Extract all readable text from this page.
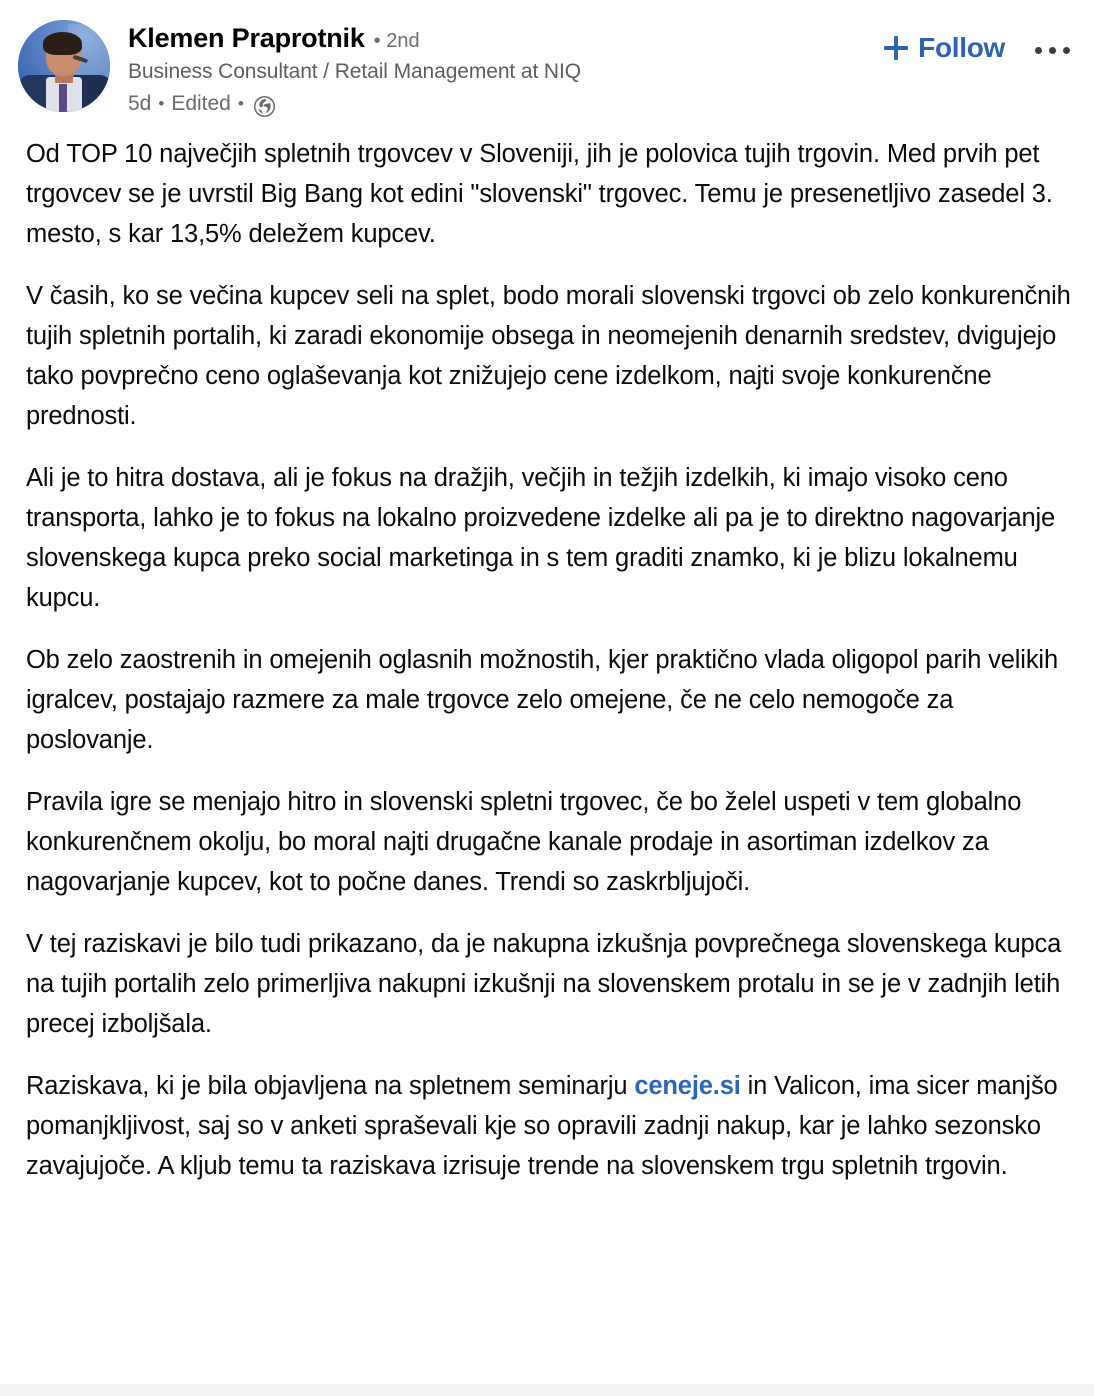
Klemen Praprotnik • 2nd
Business Consultant / Retail Management at NIQ
5d • Edited •
Follow

Od TOP 10 največjih spletnih trgovcev v Sloveniji, jih je polovica tujih trgovin. Med prvih pet trgovcev se je uvrstil Big Bang kot edini "slovenski" trgovec. Temu je presenetljivo zasedel 3. mesto, s kar 13,5% deležem kupcev.

V časih, ko se večina kupcev seli na splet, bodo morali slovenski trgovci ob zelo konkurenčnih tujih spletnih portalih, ki zaradi ekonomije obsega in neomejenih denarnih sredstev, dvigujejo tako povprečno ceno oglaševanja kot znižujejo cene izdelkom, najti svoje konkurenčne prednosti.

Ali je to hitra dostava, ali je fokus na dražjih, večjih in težjih izdelkih, ki imajo visoko ceno transporta, lahko je to fokus na lokalno proizvedene izdelke ali pa je to direktno nagovarjanje slovenskega kupca preko social marketinga in s tem graditi znamko, ki je blizu lokalnemu kupcu.

Ob zelo zaostrenih in omejenih oglasnih možnostih, kjer praktično vlada oligopol parih velikih igralcev, postajajo razmere za male trgovce zelo omejene, če ne celo nemogoče za poslovanje.

Pravila igre se menjajo hitro in slovenski spletni trgovec, če bo želel uspeti v tem globalno konkurenčnem okolju, bo moral najti drugačne kanale prodaje in asortiman izdelkov za nagovarjanje kupcev, kot to počne danes. Trendi so zaskrbljujoči.

V tej raziskavi je bilo tudi prikazano, da je nakupna izkušnja povprečnega slovenskega kupca na tujih portalih zelo primerljiva nakupni izkušnji na slovenskem protalu in se je v zadnjih letih precej izboljšala.

Raziskava, ki je bila objavljena na spletnem seminarju ceneje.si in Valicon, ima sicer manjšo pomanjkljivost, saj so v anketi spraševali kje so opravili zadnji nakup, kar je lahko sezonsko zavajujoče. A kljub temu ta raziskava izrisuje trende na slovenskem trgu spletnih trgovin.
